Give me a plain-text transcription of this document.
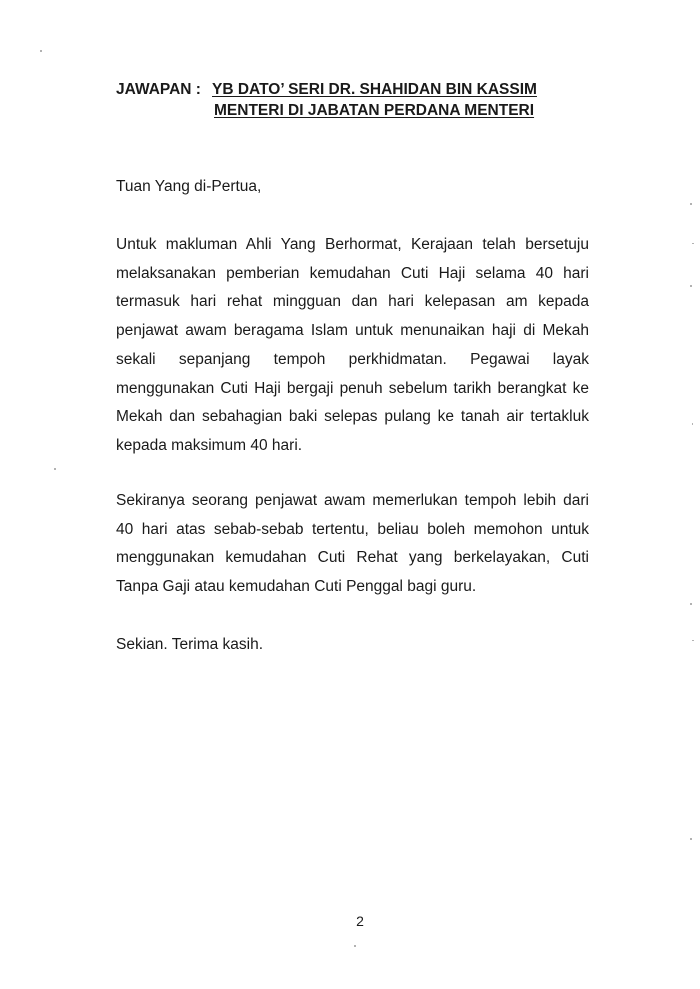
JAWAPAN : YB DATO’ SERI DR. SHAHIDAN BIN KASSIM
MENTERI DI JABATAN PERDANA MENTERI
Tuan Yang di-Pertua,
Untuk makluman Ahli Yang Berhormat, Kerajaan telah bersetuju
melaksanakan pemberian kemudahan Cuti Haji selama 40 hari
termasuk hari rehat mingguan dan hari kelepasan am kepada
penjawat awam beragama Islam untuk menunaikan haji di Mekah
sekali sepanjang tempoh perkhidmatan. Pegawai layak
menggunakan Cuti Haji bergaji penuh sebelum tarikh berangkat ke
Mekah dan sebahagian baki selepas pulang ke tanah air tertakluk
kepada maksimum 40 hari.
Sekiranya seorang penjawat awam memerlukan tempoh lebih dari
40 hari atas sebab-sebab tertentu, beliau boleh memohon untuk
menggunakan kemudahan Cuti Rehat yang berkelayakan, Cuti
Tanpa Gaji atau kemudahan Cuti Penggal bagi guru.
Sekian. Terima kasih.
2
